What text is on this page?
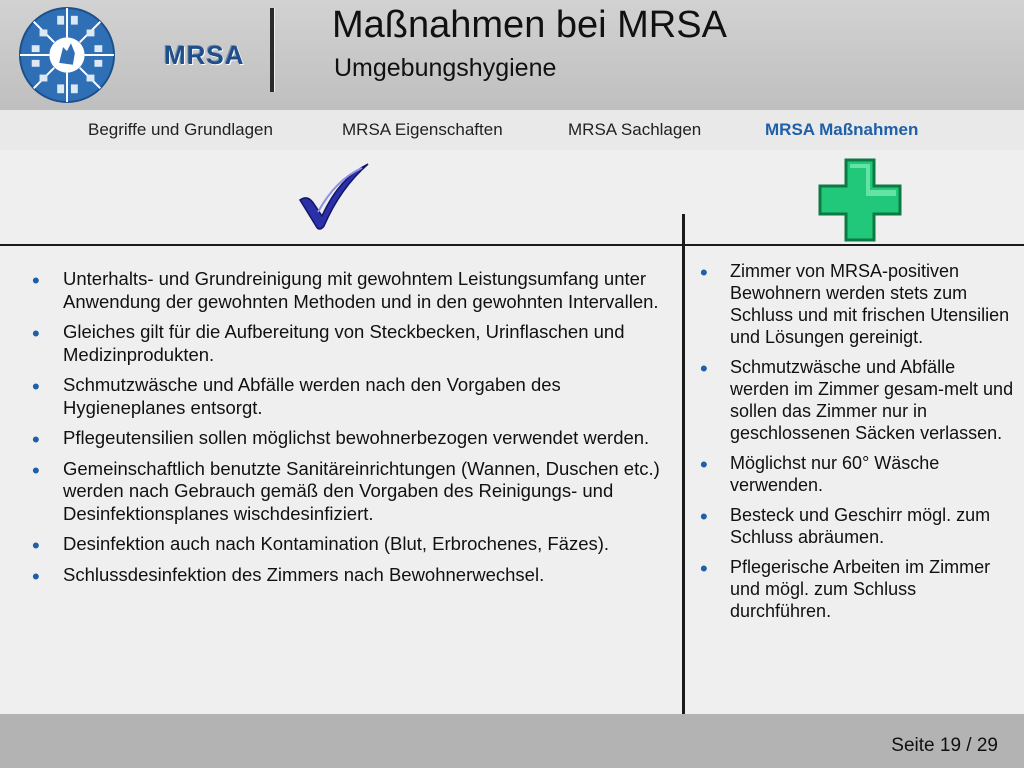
MRSA
Maßnahmen bei MRSA
Umgebungshygiene
Begriffe und Grundlagen	MRSA Eigenschaften	MRSA Sachlagen	MRSA Maßnahmen
• Unterhalts- und Grundreinigung mit gewohntem Leistungsumfang unter Anwendung der gewohnten Methoden und in den gewohnten Intervallen.
• Gleiches gilt für die Aufbereitung von Steckbecken, Urinflaschen und Medizinprodukten.
• Schmutzwäsche und Abfälle werden nach den Vorgaben des Hygieneplanes entsorgt.
• Pflegeutensilien sollen möglichst bewohnerbezogen verwendet werden.
• Gemeinschaftlich benutzte Sanitäreinrichtungen (Wannen, Duschen etc.) werden nach Gebrauch gemäß den Vorgaben des Reinigungs- und Desinfektionsplanes wischdesinfiziert.
• Desinfektion auch nach Kontamination (Blut, Erbrochenes, Fäzes).
• Schlussdesinfektion des Zimmers nach Bewohnerwechsel.
• Zimmer von MRSA-positiven Bewohnern werden stets zum Schluss und mit frischen Utensilien und Lösungen gereinigt.
• Schmutzwäsche und Abfälle werden im Zimmer gesam-melt und sollen das Zimmer nur in geschlossenen Säcken verlassen.
• Möglichst nur 60° Wäsche verwenden.
• Besteck und Geschirr mögl. zum Schluss abräumen.
• Pflegerische Arbeiten im Zimmer und mögl. zum Schluss durchführen.
Seite 19 / 29
